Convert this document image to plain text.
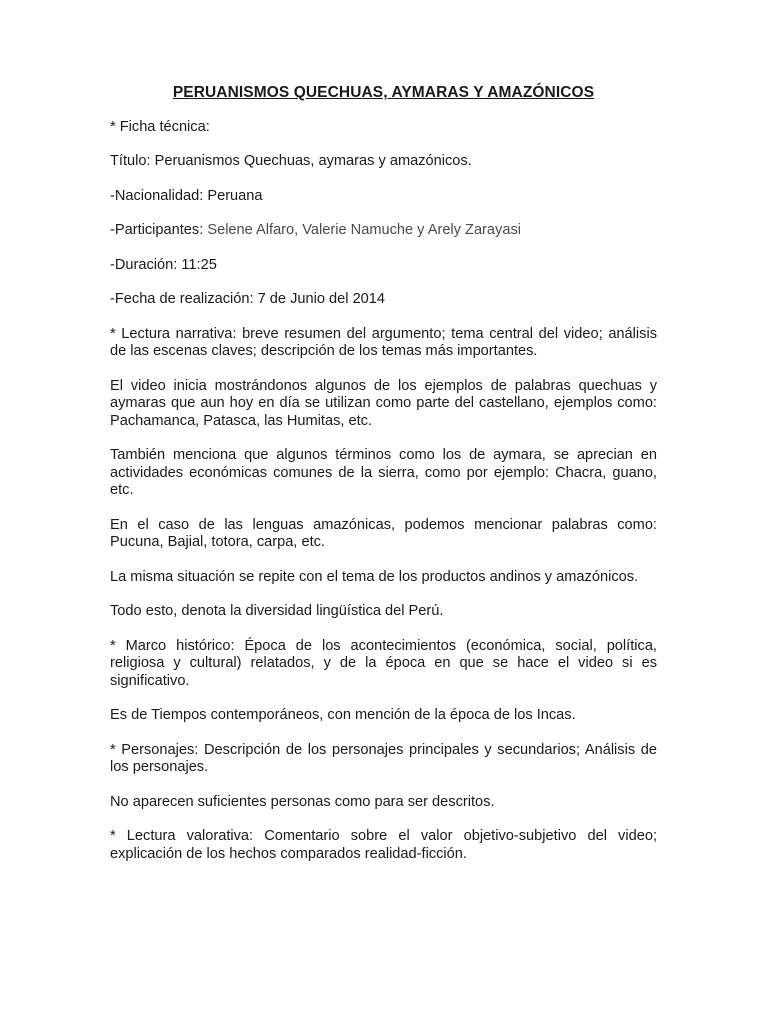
PERUANISMOS QUECHUAS, AYMARAS Y AMAZÓNICOS
* Ficha técnica:
Título: Peruanismos Quechuas, aymaras y amazónicos.
-Nacionalidad: Peruana
-Participantes: Selene Alfaro, Valerie Namuche y Arely Zarayasi
-Duración: 11:25
-Fecha de realización: 7 de Junio del 2014
* Lectura narrativa: breve resumen del argumento; tema central del video; análisis de las escenas claves; descripción de los temas más importantes.
El video inicia mostrándonos algunos de los ejemplos de palabras quechuas y aymaras que aun hoy en día se utilizan como parte del castellano, ejemplos como: Pachamanca, Patasca, las Humitas, etc.
También menciona que algunos términos como los de aymara, se aprecian en actividades económicas comunes de la sierra, como por ejemplo: Chacra, guano, etc.
En el caso de las lenguas amazónicas, podemos mencionar palabras como: Pucuna, Bajial, totora, carpa, etc.
La misma situación se repite con el tema de los productos andinos y amazónicos.
Todo esto, denota la diversidad lingüística del Perú.
* Marco histórico: Época de los acontecimientos (económica, social, política, religiosa y cultural) relatados, y de la época en que se hace el video si es significativo.
Es de Tiempos contemporáneos, con mención de la época de los Incas.
* Personajes: Descripción de los personajes principales y secundarios; Análisis de los personajes.
No aparecen suficientes personas como para ser descritos.
* Lectura valorativa: Comentario sobre el valor objetivo-subjetivo del video; explicación de los hechos comparados realidad-ficción.
